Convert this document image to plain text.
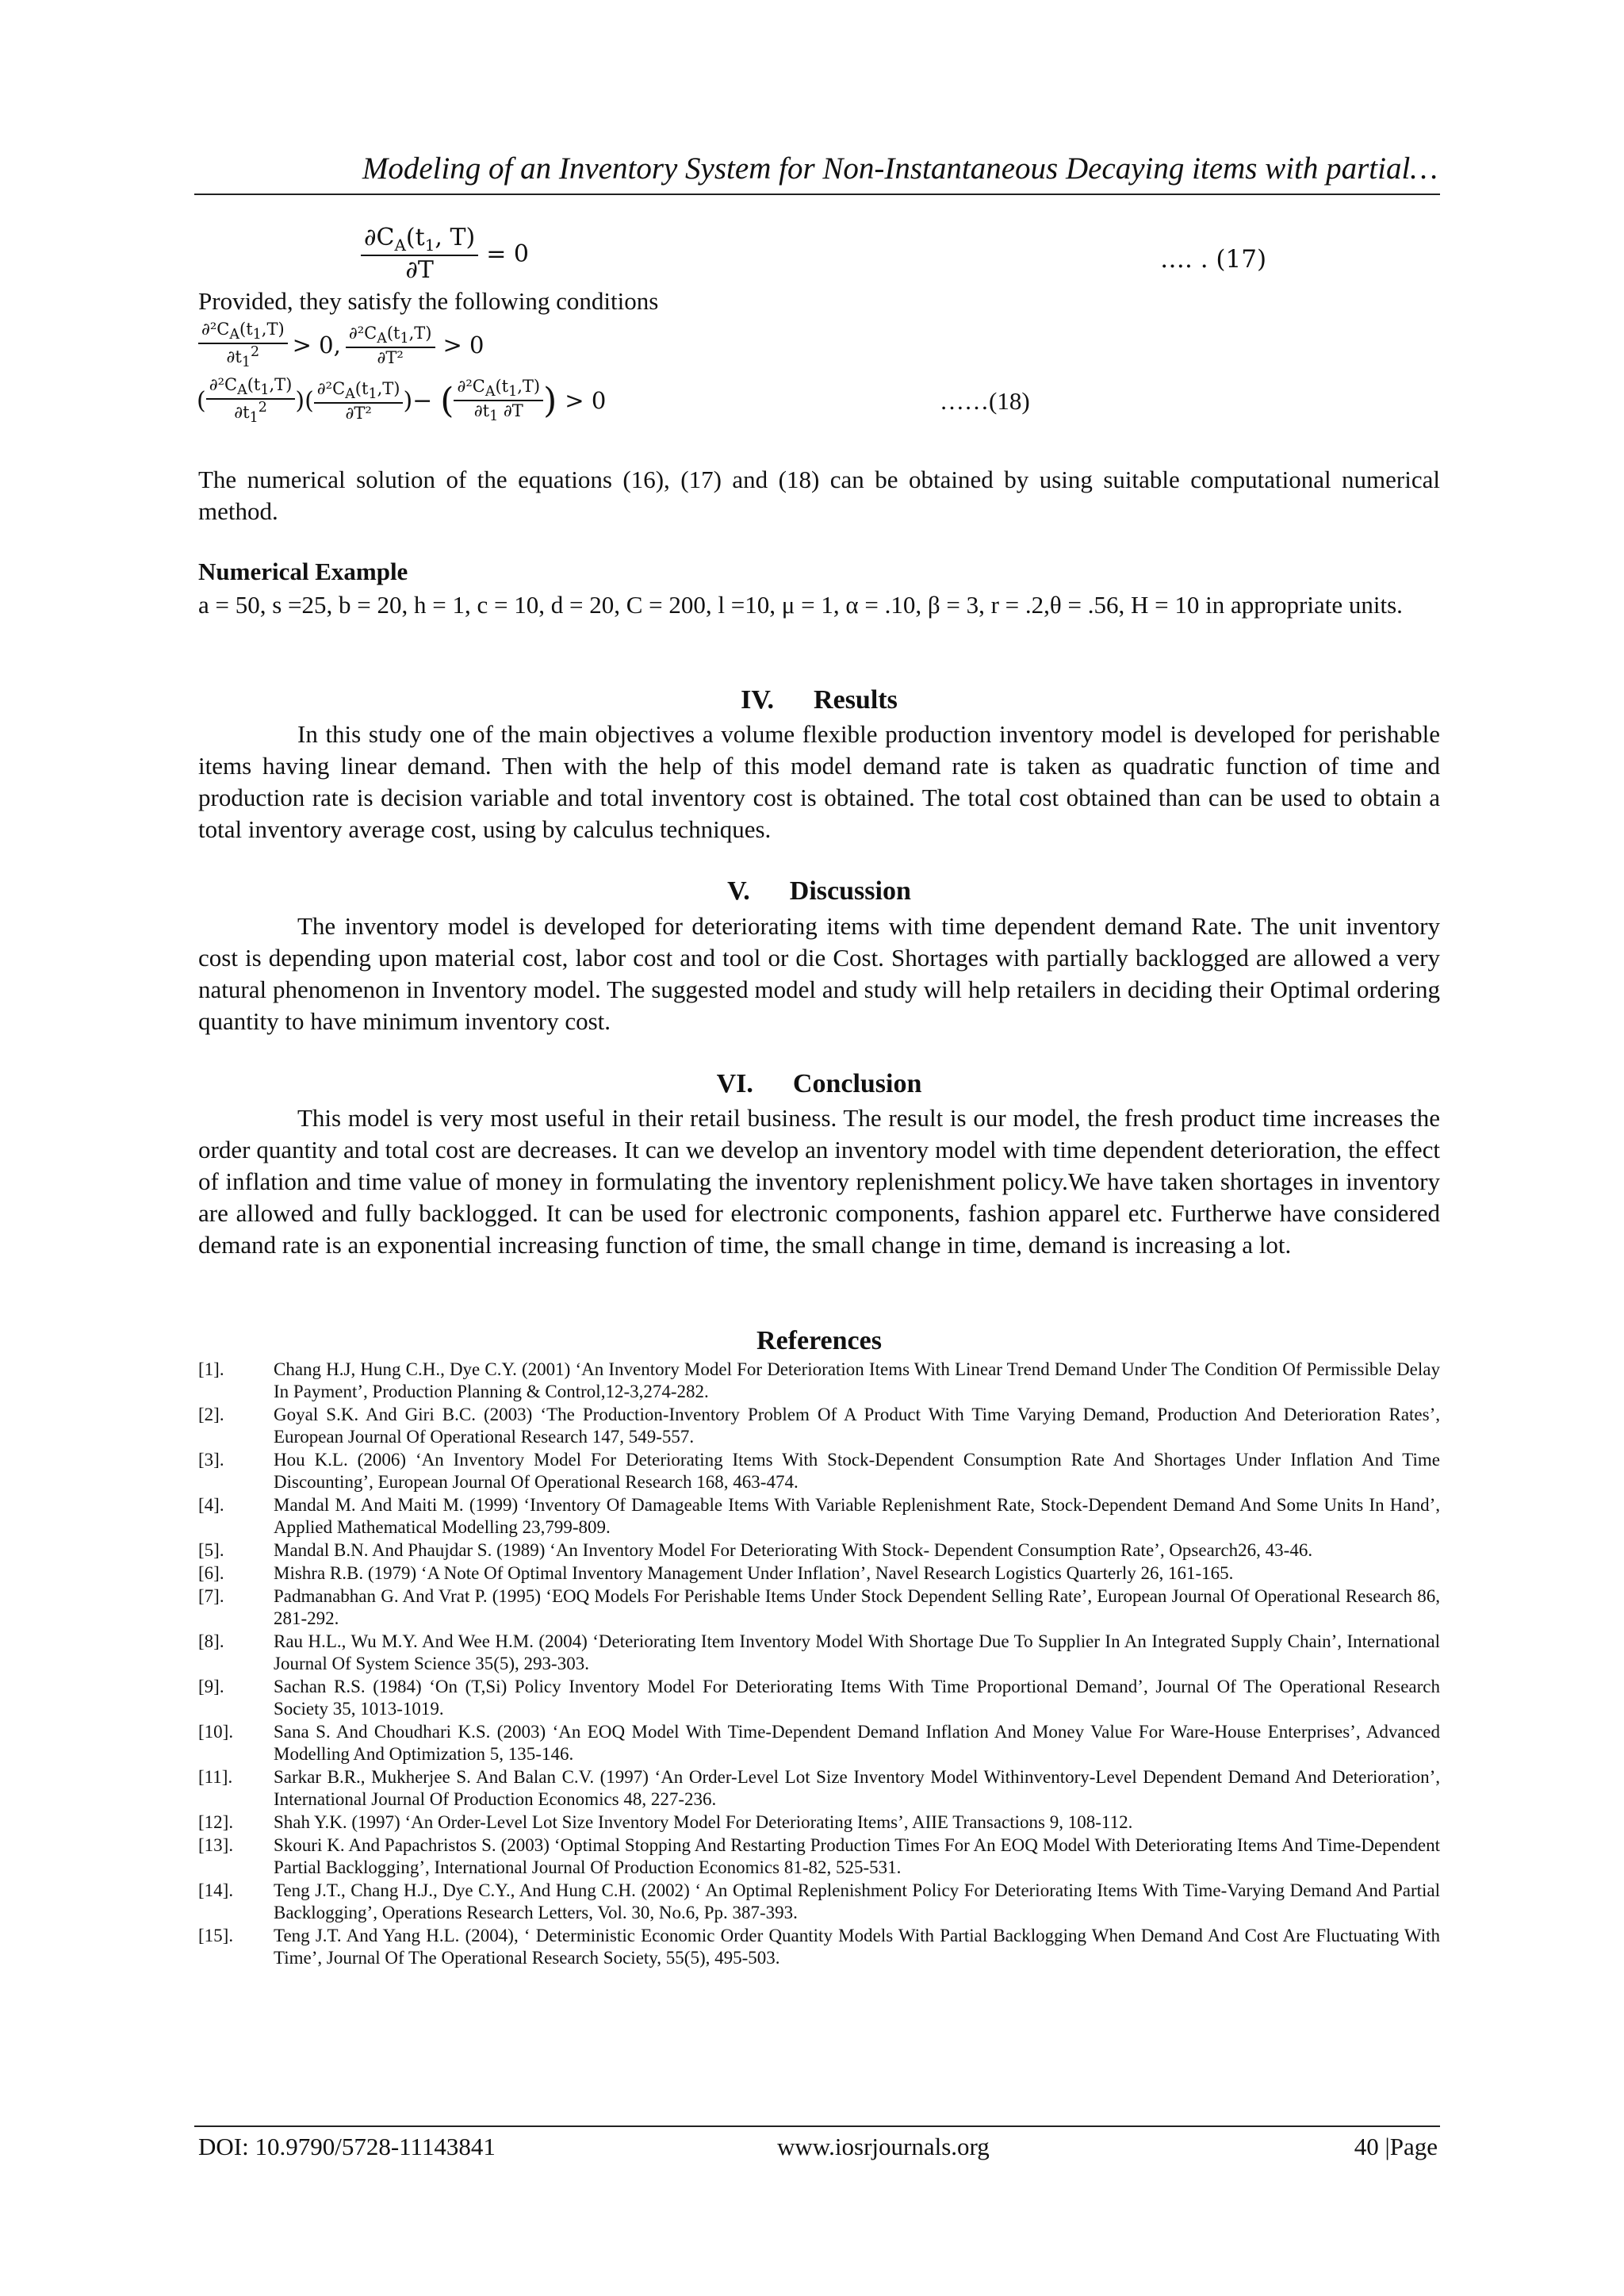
Modeling of an Inventory System for Non-Instantaneous Decaying items with partial…
$\frac{\partial C_A(t_1, T)}{\partial T} = 0$	…. . (17)
Provided, they satisfy the following conditions
$\frac{\partial^2C_A(t_1,T)}{\partial t_1^2} > 0$, $\frac{\partial^2C_A(t_1,T)}{\text{∂T²}} > 0$
( $\frac{\partial^2C_A(t_1,T)}{\partial t_1^2}$ )( $\frac{\partial^2C_A(t_1,T)}{\text{∂T²}}$ )− ( $\frac{\partial^2C_A(t_1,T)}{\partial t_1 \partial T}$ ) > 0	……(18)

The numerical solution of the equations (16), (17) and (18) can be obtained by using suitable computational numerical method.

Numerical Example

a = 50, s =25, b = 20, h = 1, c = 10, d = 20, C = 200, l =10, μ = 1, α = .10, β = 3, r = .2,θ = .56, H = 10 in appropriate units.

IV. Results

In this study one of the main objectives a volume flexible production inventory model is developed for perishable items having linear demand. Then with the help of this model demand rate is taken as quadratic function of time and production rate is decision variable and total inventory cost is obtained. The total cost obtained than can be used to obtain a total inventory average cost, using by calculus techniques.

V. Discussion

The inventory model is developed for deteriorating items with time dependent demand Rate. The unit inventory cost is depending upon material cost, labor cost and tool or die Cost. Shortages with partially backlogged are allowed a very natural phenomenon in Inventory model. The suggested model and study will help retailers in deciding their Optimal ordering quantity to have minimum inventory cost.

VI. Conclusion

This model is very most useful in their retail business. The result is our model, the fresh product time increases the order quantity and total cost are decreases. It can we develop an inventory model with time dependent deterioration, the effect of inflation and time value of money in formulating the inventory replenishment policy.We have taken shortages in inventory are allowed and fully backlogged. It can be used for electronic components, fashion apparel etc. Furtherwe have considered demand rate is an exponential increasing function of time, the small change in time, demand is increasing a lot.

References

[1].	Chang H.J, Hung C.H., Dye C.Y. (2001) ‘An Inventory Model For Deterioration Items With Linear Trend Demand Under The Condition Of Permissible Delay In Payment’, Production Planning & Control,12-3,274-282.
[2].	Goyal S.K. And Giri B.C. (2003) ‘The Production-Inventory Problem Of A Product With Time Varying Demand, Production And Deterioration Rates’, European Journal Of Operational Research 147, 549-557.
[3].	Hou K.L. (2006) ‘An Inventory Model For Deteriorating Items With Stock-Dependent Consumption Rate And Shortages Under Inflation And Time Discounting’, European Journal Of Operational Research 168, 463-474.
[4].	Mandal M. And Maiti M. (1999) ‘Inventory Of Damageable Items With Variable Replenishment Rate, Stock-Dependent Demand And Some Units In Hand’, Applied Mathematical Modelling 23,799-809.
[5].	Mandal B.N. And Phaujdar S. (1989) ‘An Inventory Model For Deteriorating With Stock- Dependent Consumption Rate’, Opsearch26, 43-46.
[6].	Mishra R.B. (1979) ‘A Note Of Optimal Inventory Management Under Inflation’, Navel Research Logistics Quarterly 26, 161-165.
[7].	Padmanabhan G. And Vrat P. (1995) ‘EOQ Models For Perishable Items Under Stock Dependent Selling Rate’, European Journal Of Operational Research 86, 281-292.
[8].	Rau H.L., Wu M.Y. And Wee H.M. (2004) ‘Deteriorating Item Inventory Model With Shortage Due To Supplier In An Integrated Supply Chain’, International Journal Of System Science 35(5), 293-303.
[9].	Sachan R.S. (1984) ‘On (T,Si) Policy Inventory Model For Deteriorating Items With Time Proportional Demand’, Journal Of The Operational Research Society 35, 1013-1019.
[10].	Sana S. And Choudhari K.S. (2003) ‘An EOQ Model With Time-Dependent Demand Inflation And Money Value For Ware-House Enterprises’, Advanced Modelling And Optimization 5, 135-146.
[11].	Sarkar B.R., Mukherjee S. And Balan C.V. (1997) ‘An Order-Level Lot Size Inventory Model Withinventory-Level Dependent Demand And Deterioration’, International Journal Of Production Economics 48, 227-236.
[12].	Shah Y.K. (1997) ‘An Order-Level Lot Size Inventory Model For Deteriorating Items’, AIIE Transactions 9, 108-112.
[13].	Skouri K. And Papachristos S. (2003) ‘Optimal Stopping And Restarting Production Times For An EOQ Model With Deteriorating Items And Time-Dependent Partial Backlogging’, International Journal Of Production Economics 81-82, 525-531.
[14].	Teng J.T., Chang H.J., Dye C.Y., And Hung C.H. (2002) ‘ An Optimal Replenishment Policy For Deteriorating Items With Time-Varying Demand And Partial Backlogging’, Operations Research Letters, Vol. 30, No.6, Pp. 387-393.
[15].	Teng J.T. And Yang H.L. (2004), ‘ Deterministic Economic Order Quantity Models With Partial Backlogging When Demand And Cost Are Fluctuating With Time’, Journal Of The Operational Research Society, 55(5), 495-503.
DOI: 10.9790/5728-11143841	www.iosrjournals.org	40 |Page
